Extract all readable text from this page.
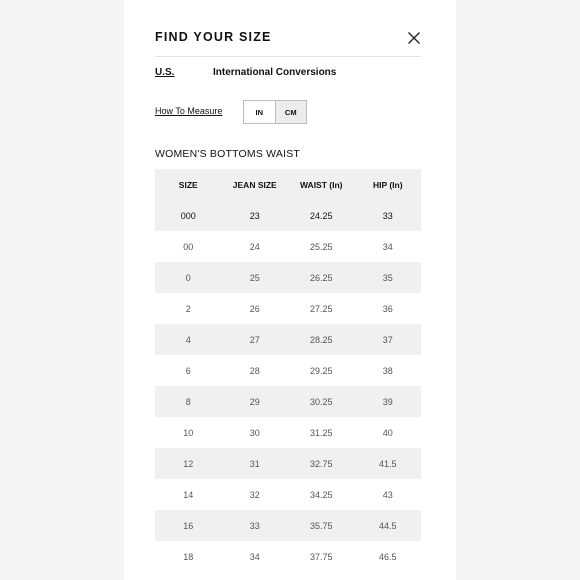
FIND YOUR SIZE
U.S.	International Conversions
How To Measure	IN	CM
WOMEN'S BOTTOMS WAIST
SIZE	JEAN SIZE	WAIST (In)	HIP (In)
000	23	24.25	33
00	24	25.25	34
0	25	26.25	35
2	26	27.25	36
4	27	28.25	37
6	28	29.25	38
8	29	30.25	39
10	30	31.25	40
12	31	32.75	41.5
14	32	34.25	43
16	33	35.75	44.5
18	34	37.75	46.5
